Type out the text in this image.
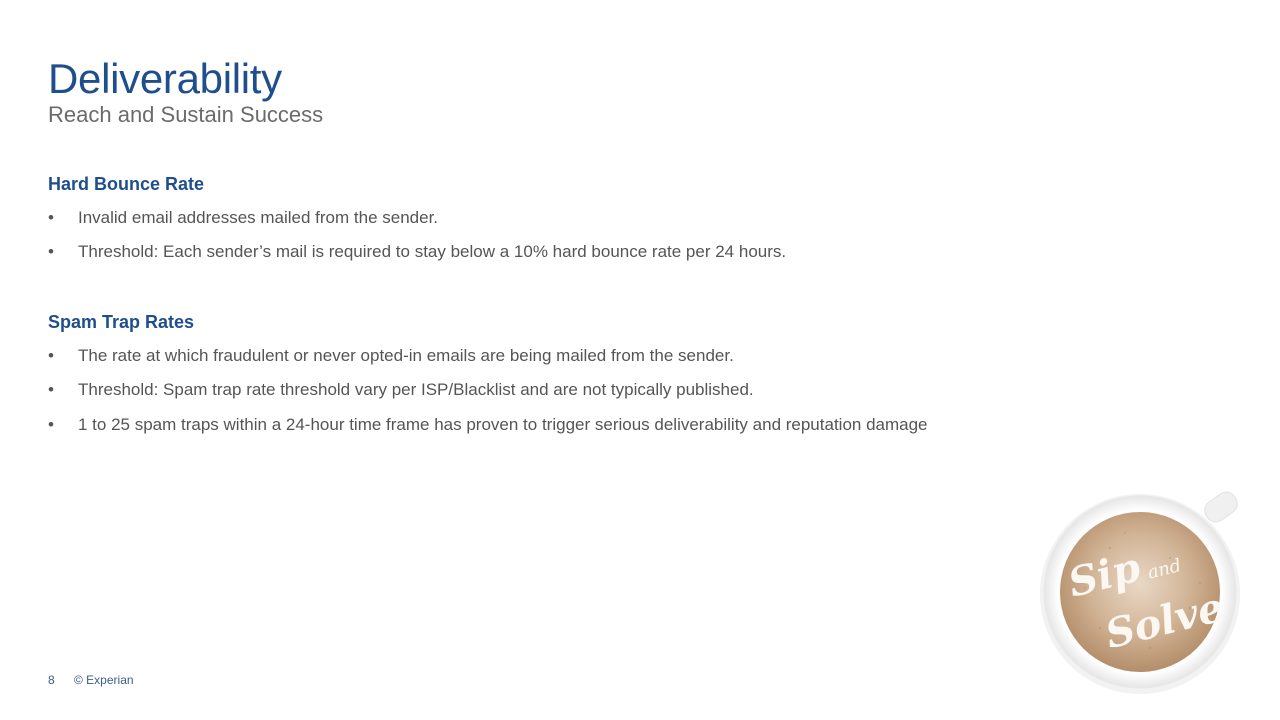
Deliverability
Reach and Sustain Success
Hard Bounce Rate
• Invalid email addresses mailed from the sender.
• Threshold: Each sender’s mail is required to stay below a 10% hard bounce rate per 24 hours.
Spam Trap Rates
• The rate at which fraudulent or never opted-in emails are being mailed from the sender.
• Threshold: Spam trap rate threshold vary per ISP/Blacklist and are not typically published.
• 1 to 25 spam traps within a 24-hour time frame has proven to trigger serious deliverability and reputation damage
Sip and
Solve
8 © Experian
